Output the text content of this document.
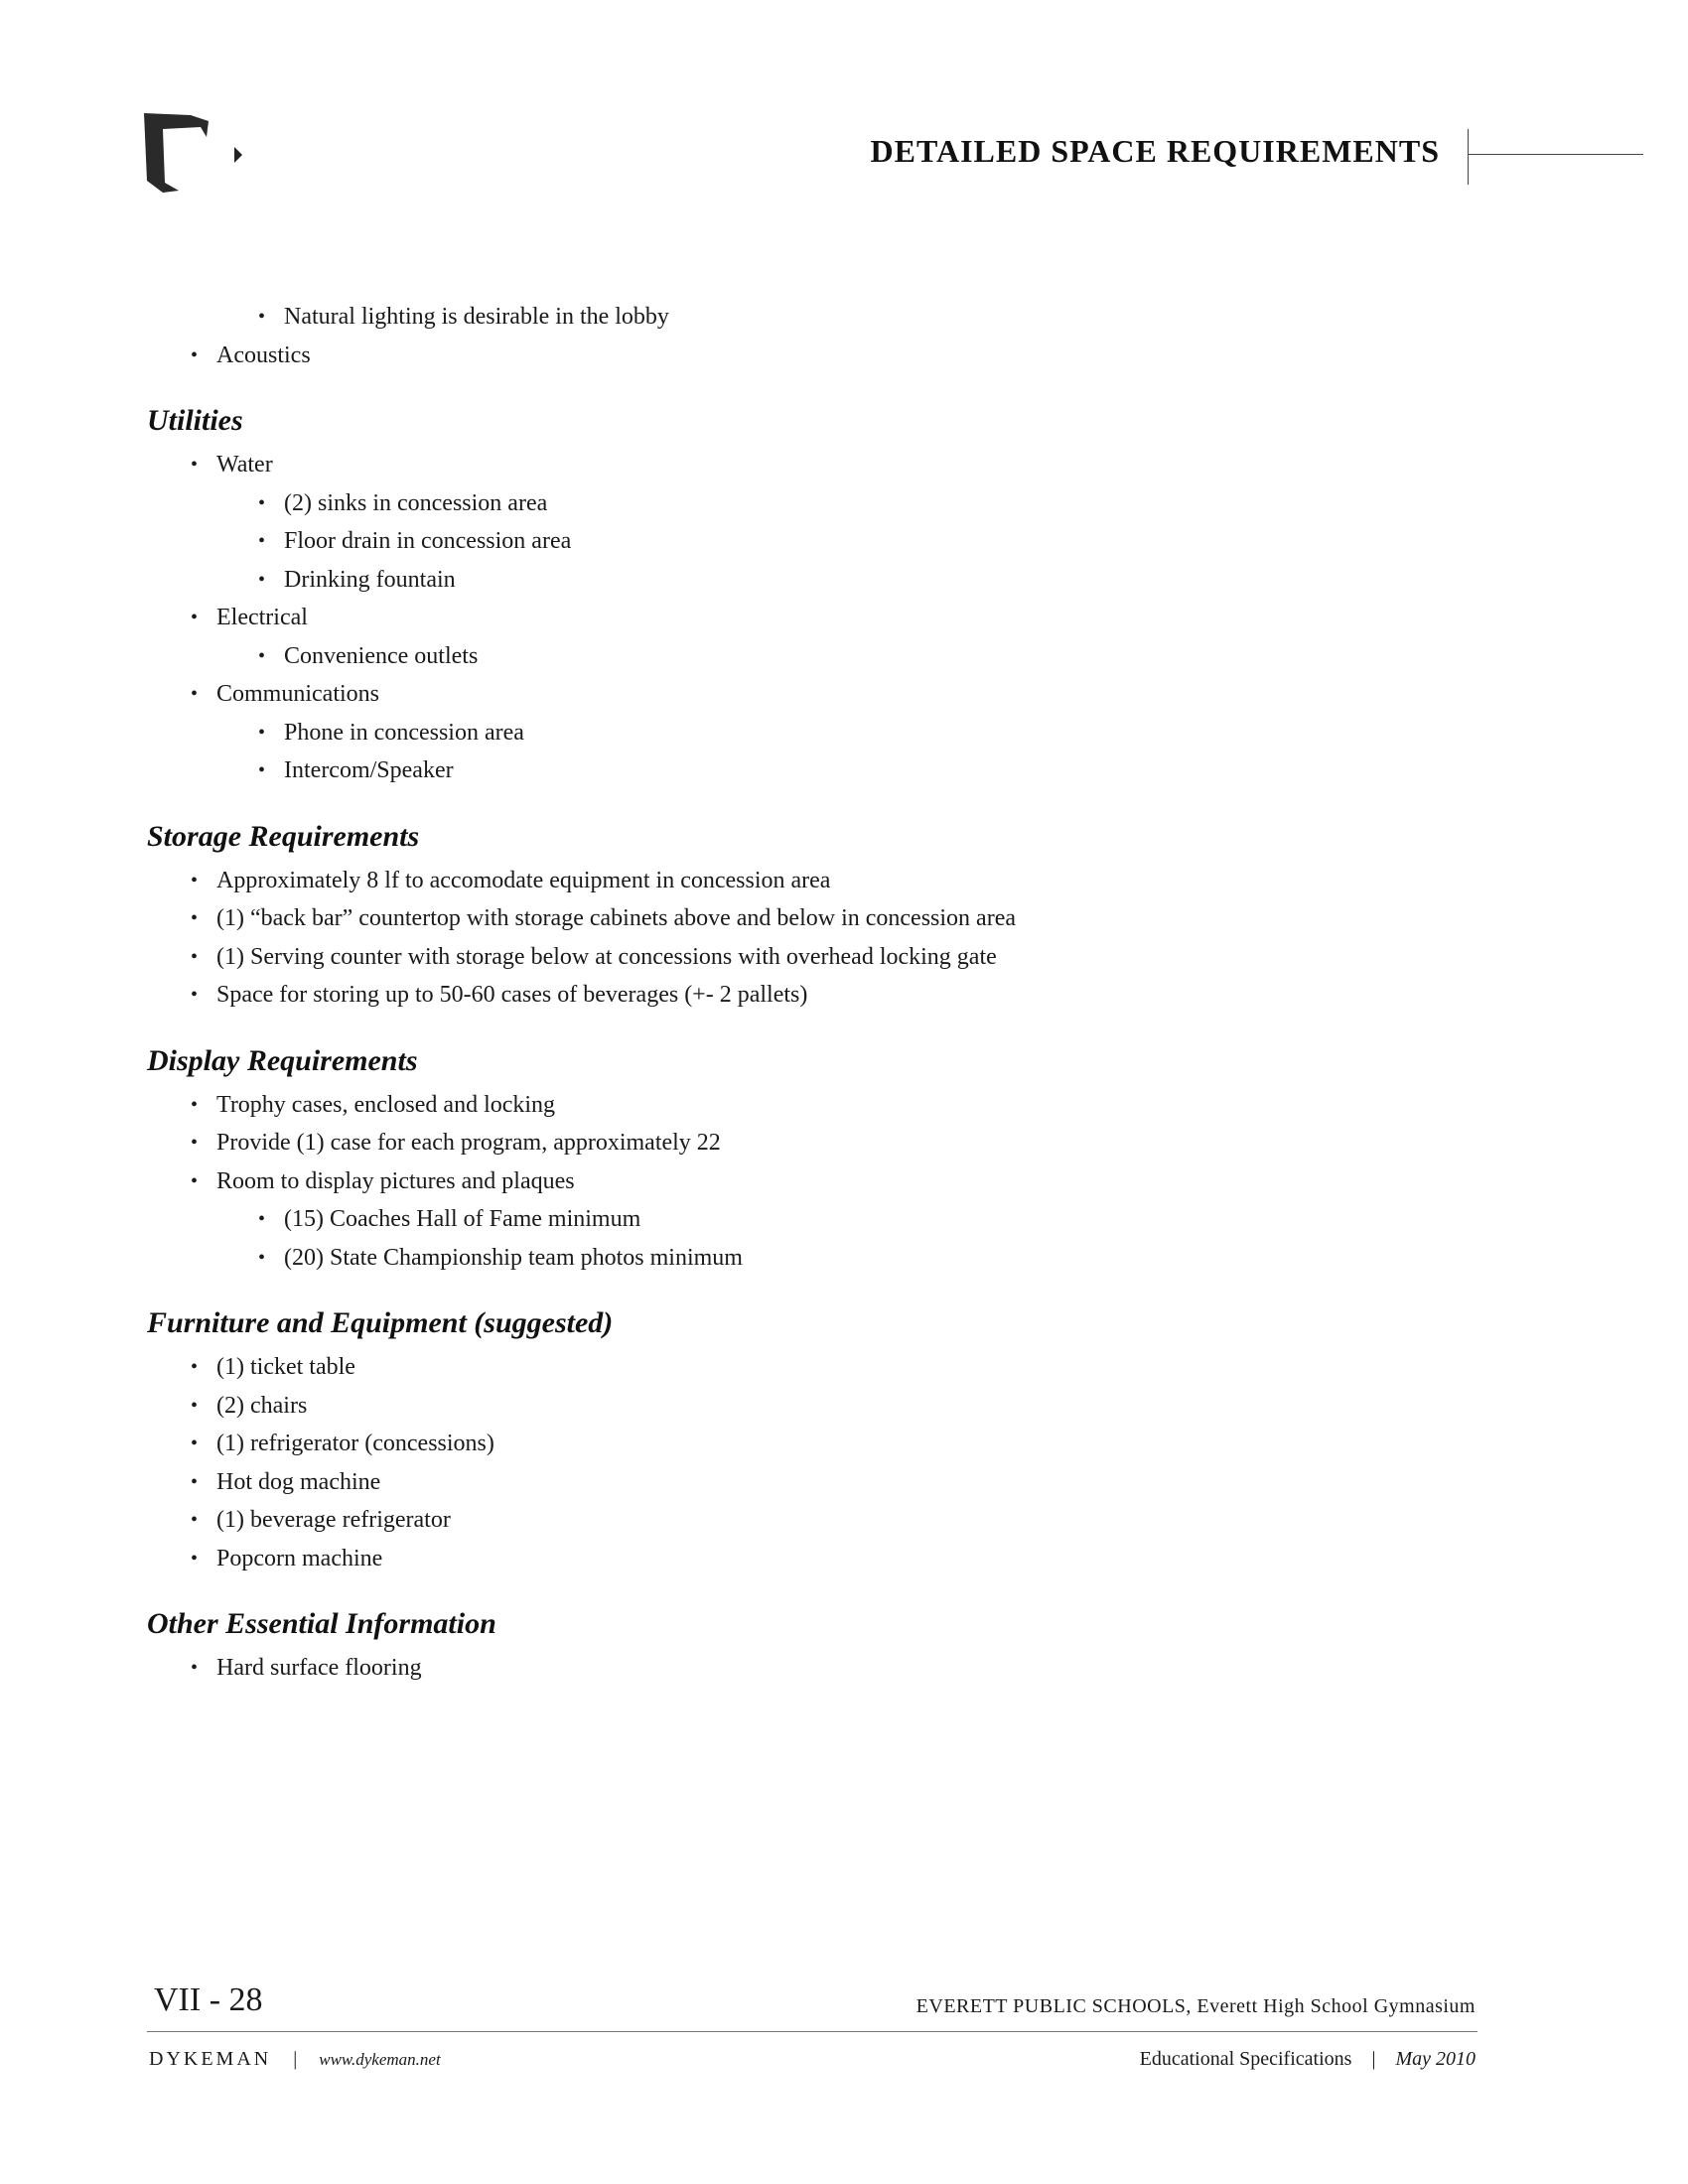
DETAILED SPACE REQUIREMENTS
• Natural lighting is desirable in the lobby
• Acoustics
Utilities
• Water
• (2) sinks in concession area
• Floor drain in concession area
• Drinking fountain
• Electrical
• Convenience outlets
• Communications
• Phone in concession area
• Intercom/Speaker
Storage Requirements
• Approximately 8 lf to accomodate equipment in concession area
• (1) “back bar” countertop with storage cabinets above and below in concession area
• (1) Serving counter with storage below at concessions with overhead locking gate
• Space for storing up to 50-60 cases of beverages (+- 2 pallets)
Display Requirements
• Trophy cases, enclosed and locking
• Provide (1) case for each program, approximately 22
• Room to display pictures and plaques
• (15) Coaches Hall of Fame minimum
• (20) State Championship team photos minimum
Furniture and Equipment (suggested)
• (1) ticket table
• (2) chairs
• (1) refrigerator (concessions)
• Hot dog machine
• (1) beverage refrigerator
• Popcorn machine
Other Essential Information
• Hard surface flooring
VII - 28	EVERETT PUBLIC SCHOOLS, Everett High School Gymnasium
DYKEMAN | www.dykeman.net	Educational Specifications | May 2010
